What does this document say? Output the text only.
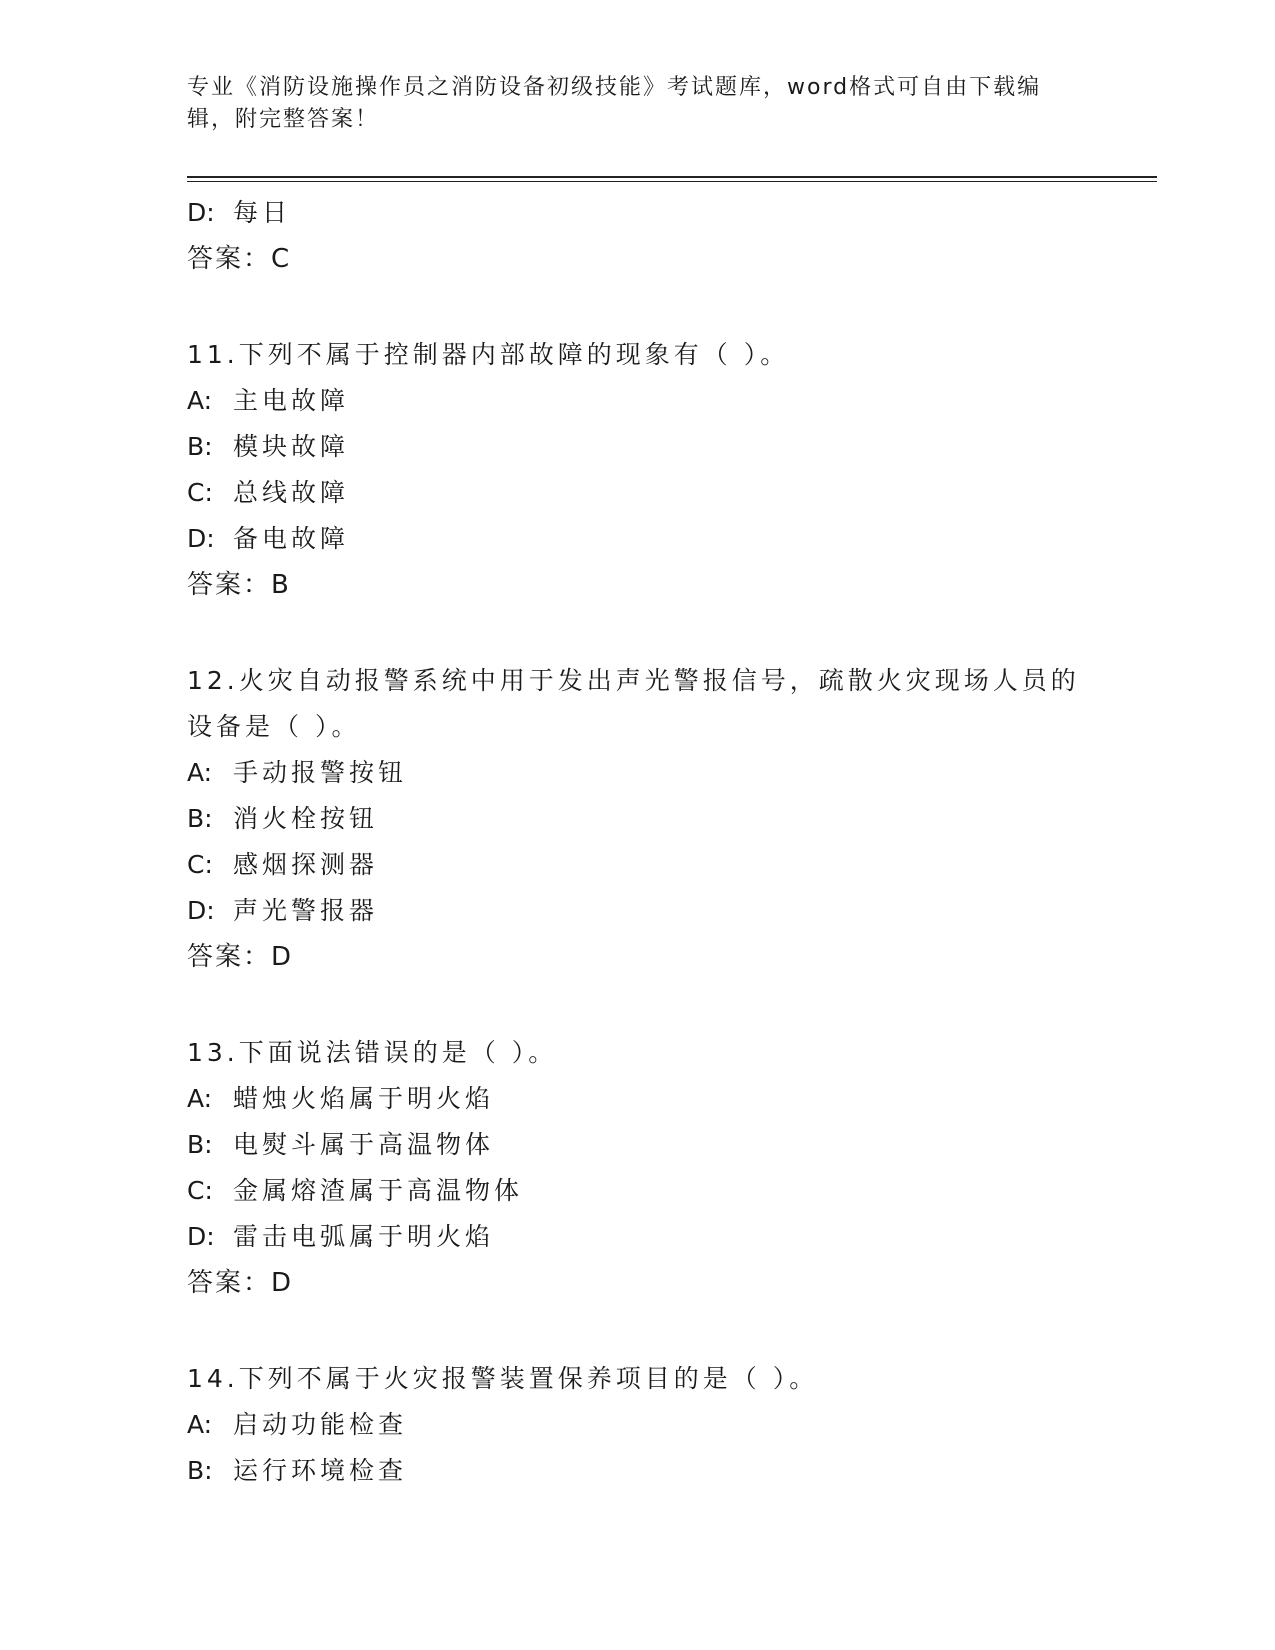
专业《消防设施操作员之消防设备初级技能》考试题库，word格式可自由下载编辑，附完整答案！

D: 每日

答案：C

11.下列不属于控制器内部故障的现象有（ ）。

A: 主电故障

B: 模块故障

C: 总线故障

D: 备电故障

答案：B

12.火灾自动报警系统中用于发出声光警报信号，疏散火灾现场人员的设备是（ ）。

A: 手动报警按钮

B: 消火栓按钮

C: 感烟探测器

D: 声光警报器

答案：D

13.下面说法错误的是（ ）。

A: 蜡烛火焰属于明火焰

B: 电熨斗属于高温物体

C: 金属熔渣属于高温物体

D: 雷击电弧属于明火焰

答案：D

14.下列不属于火灾报警装置保养项目的是（ ）。

A: 启动功能检查

B: 运行环境检查
